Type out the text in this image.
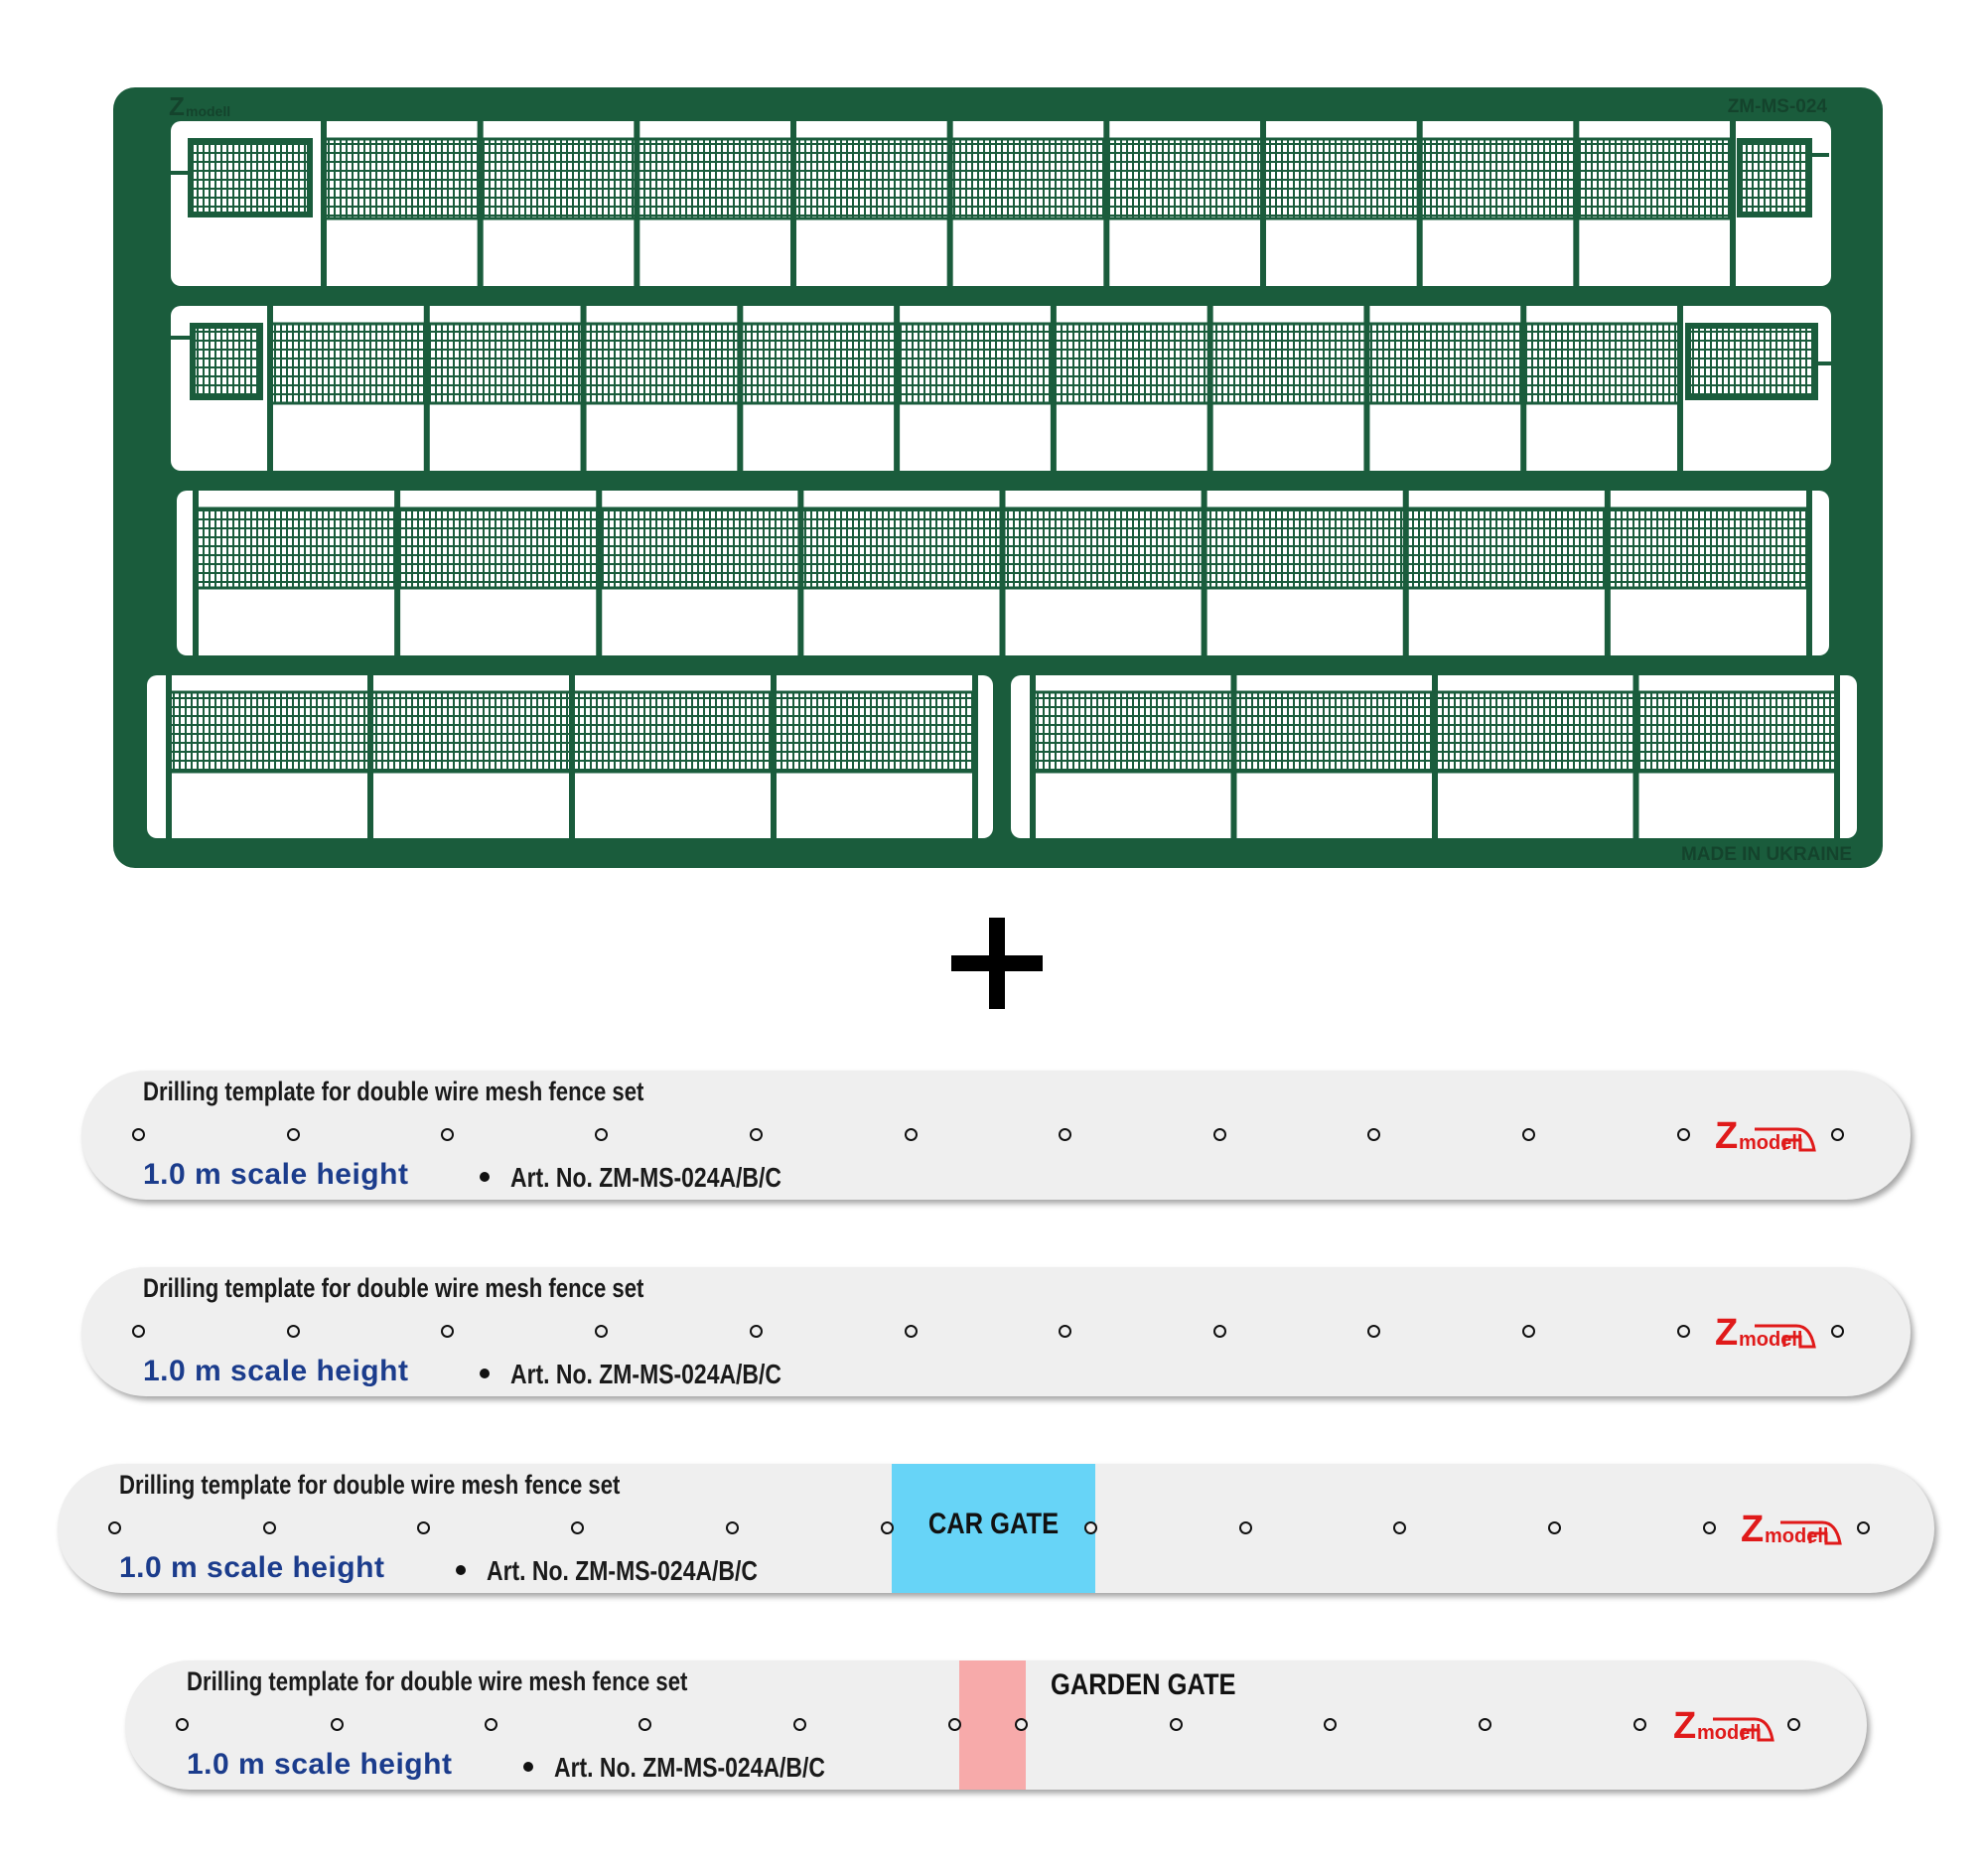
ZM-MS-024
MADE IN UKRAINE
Z modell
Drilling template for double wire mesh fence set
1.0 m scale height	Art. No. ZM-MS-024A/B/C
Z modell
Drilling template for double wire mesh fence set
1.0 m scale height	Art. No. ZM-MS-024A/B/C
Z modell
CAR GATE
Drilling template for double wire mesh fence set
1.0 m scale height	Art. No. ZM-MS-024A/B/C
Z modell
GARDEN GATE
Drilling template for double wire mesh fence set
1.0 m scale height	Art. No. ZM-MS-024A/B/C
Z modell
